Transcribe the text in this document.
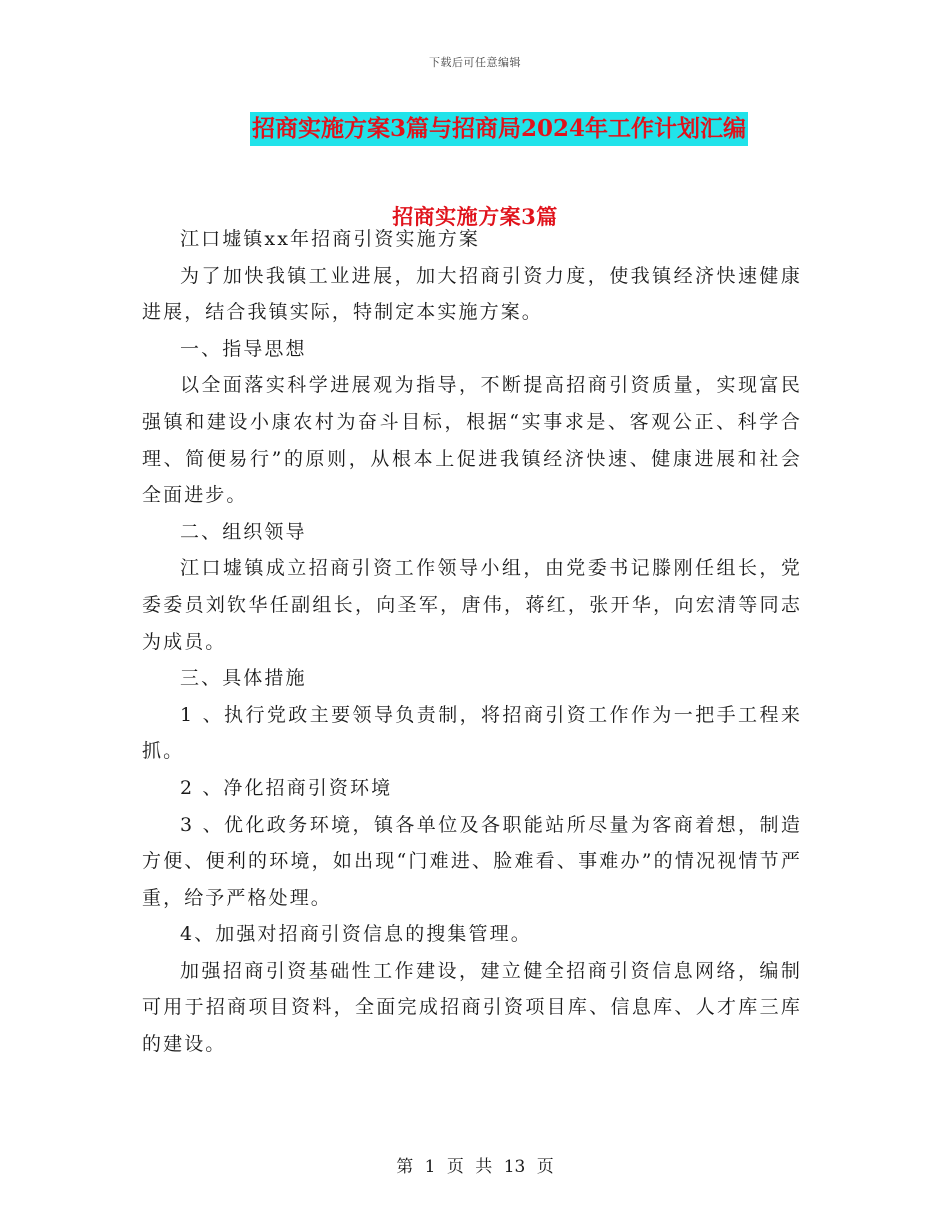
下载后可任意编辑
招商实施方案3篇与招商局2024年工作计划汇编
招商实施方案3篇

江口墟镇xx年招商引资实施方案

为了加快我镇工业进展，加大招商引资力度，使我镇经济快速健康进展，结合我镇实际，特制定本实施方案。

一、指导思想

以全面落实科学进展观为指导，不断提高招商引资质量，实现富民强镇和建设小康农村为奋斗目标，根据“实事求是、客观公正、科学合理、简便易行”的原则，从根本上促进我镇经济快速、健康进展和社会全面进步。

二、组织领导

江口墟镇成立招商引资工作领导小组，由党委书记滕刚任组长，党委委员刘钦华任副组长，向圣军，唐伟，蒋红，张开华，向宏清等同志为成员。

三、具体措施

1 、执行党政主要领导负责制，将招商引资工作作为一把手工程来抓。

2 、净化招商引资环境

3 、优化政务环境，镇各单位及各职能站所尽量为客商着想，制造方便、便利的环境，如出现“门难进、脸难看、事难办”的情况视情节严重，给予严格处理。

4、加强对招商引资信息的搜集管理。

加强招商引资基础性工作建设，建立健全招商引资信息网络，编制可用于招商项目资料，全面完成招商引资项目库、信息库、人才库三库的建设。

第 1 页 共 13 页
